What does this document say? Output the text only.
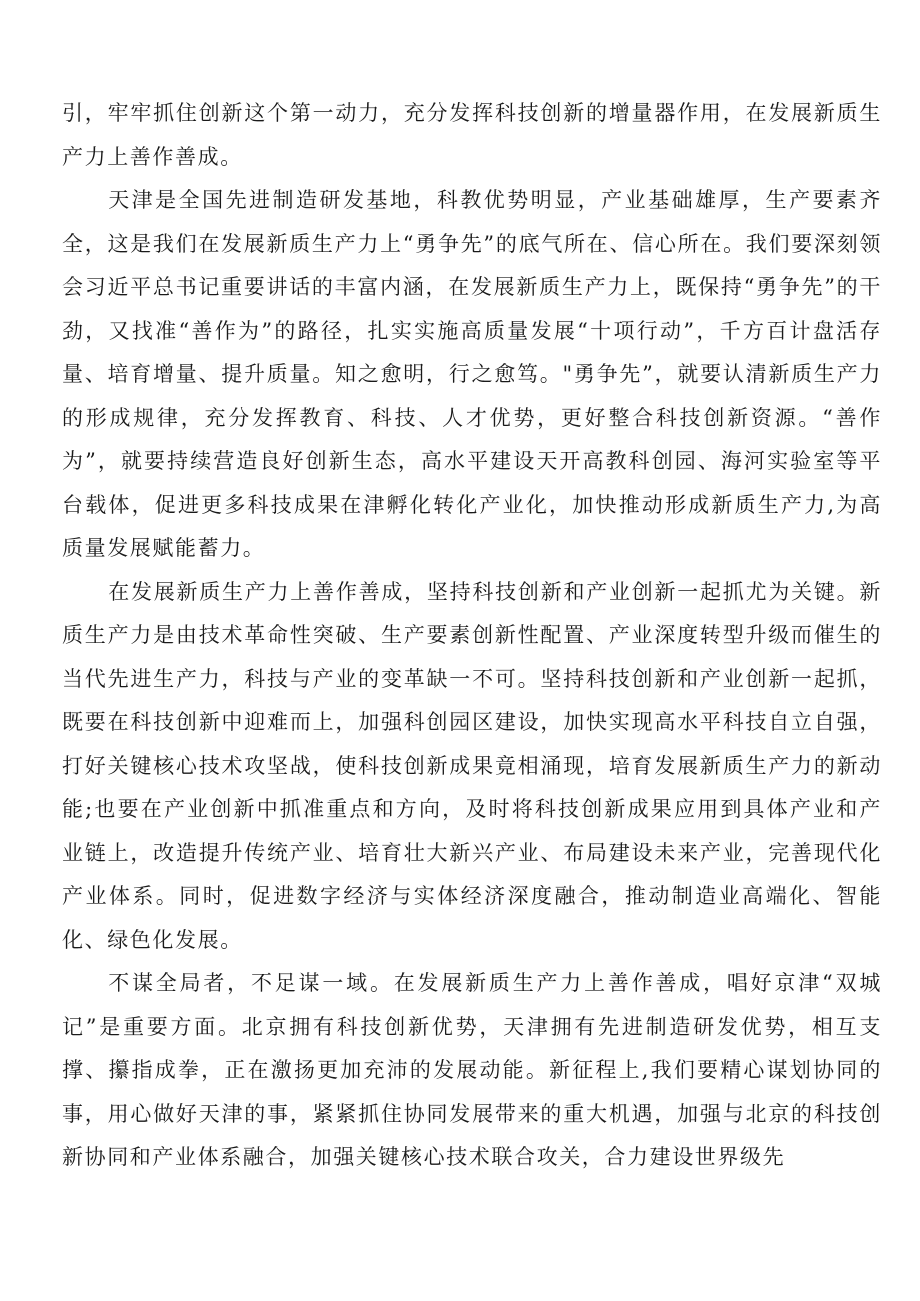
引，牢牢抓住创新这个第一动力，充分发挥科技创新的增量器作用，在发展新质生产力上善作善成。

天津是全国先进制造研发基地，科教优势明显，产业基础雄厚，生产要素齐全，这是我们在发展新质生产力上“勇争先”的底气所在、信心所在。我们要深刻领会习近平总书记重要讲话的丰富内涵，在发展新质生产力上，既保持“勇争先”的干劲，又找准“善作为”的路径，扎实实施高质量发展“十项行动”，千方百计盘活存量、培育增量、提升质量。知之愈明，行之愈笃。"勇争先”，就要认清新质生产力的形成规律，充分发挥教育、科技、人才优势，更好整合科技创新资源。“善作为”，就要持续营造良好创新生态，高水平建设天开高教科创园、海河实验室等平台载体，促进更多科技成果在津孵化转化产业化，加快推动形成新质生产力,为高质量发展赋能蓄力。

在发展新质生产力上善作善成，坚持科技创新和产业创新一起抓尤为关键。新质生产力是由技术革命性突破、生产要素创新性配置、产业深度转型升级而催生的当代先进生产力，科技与产业的变革缺一不可。坚持科技创新和产业创新一起抓，既要在科技创新中迎难而上，加强科创园区建设，加快实现高水平科技自立自强，打好关键核心技术攻坚战，使科技创新成果竟相涌现，培育发展新质生产力的新动能;也要在产业创新中抓准重点和方向，及时将科技创新成果应用到具体产业和产业链上，改造提升传统产业、培育壮大新兴产业、布局建设未来产业，完善现代化产业体系。同时，促进数字经济与实体经济深度融合，推动制造业高端化、智能化、绿色化发展。

不谋全局者，不足谋一域。在发展新质生产力上善作善成，唱好京津“双城记”是重要方面。北京拥有科技创新优势，天津拥有先进制造研发优势，相互支撑、攥指成拳，正在激扬更加充沛的发展动能。新征程上,我们要精心谋划协同的事，用心做好天津的事，紧紧抓住协同发展带来的重大机遇，加强与北京的科技创新协同和产业体系融合，加强关键核心技术联合攻关，合力建设世界级先
